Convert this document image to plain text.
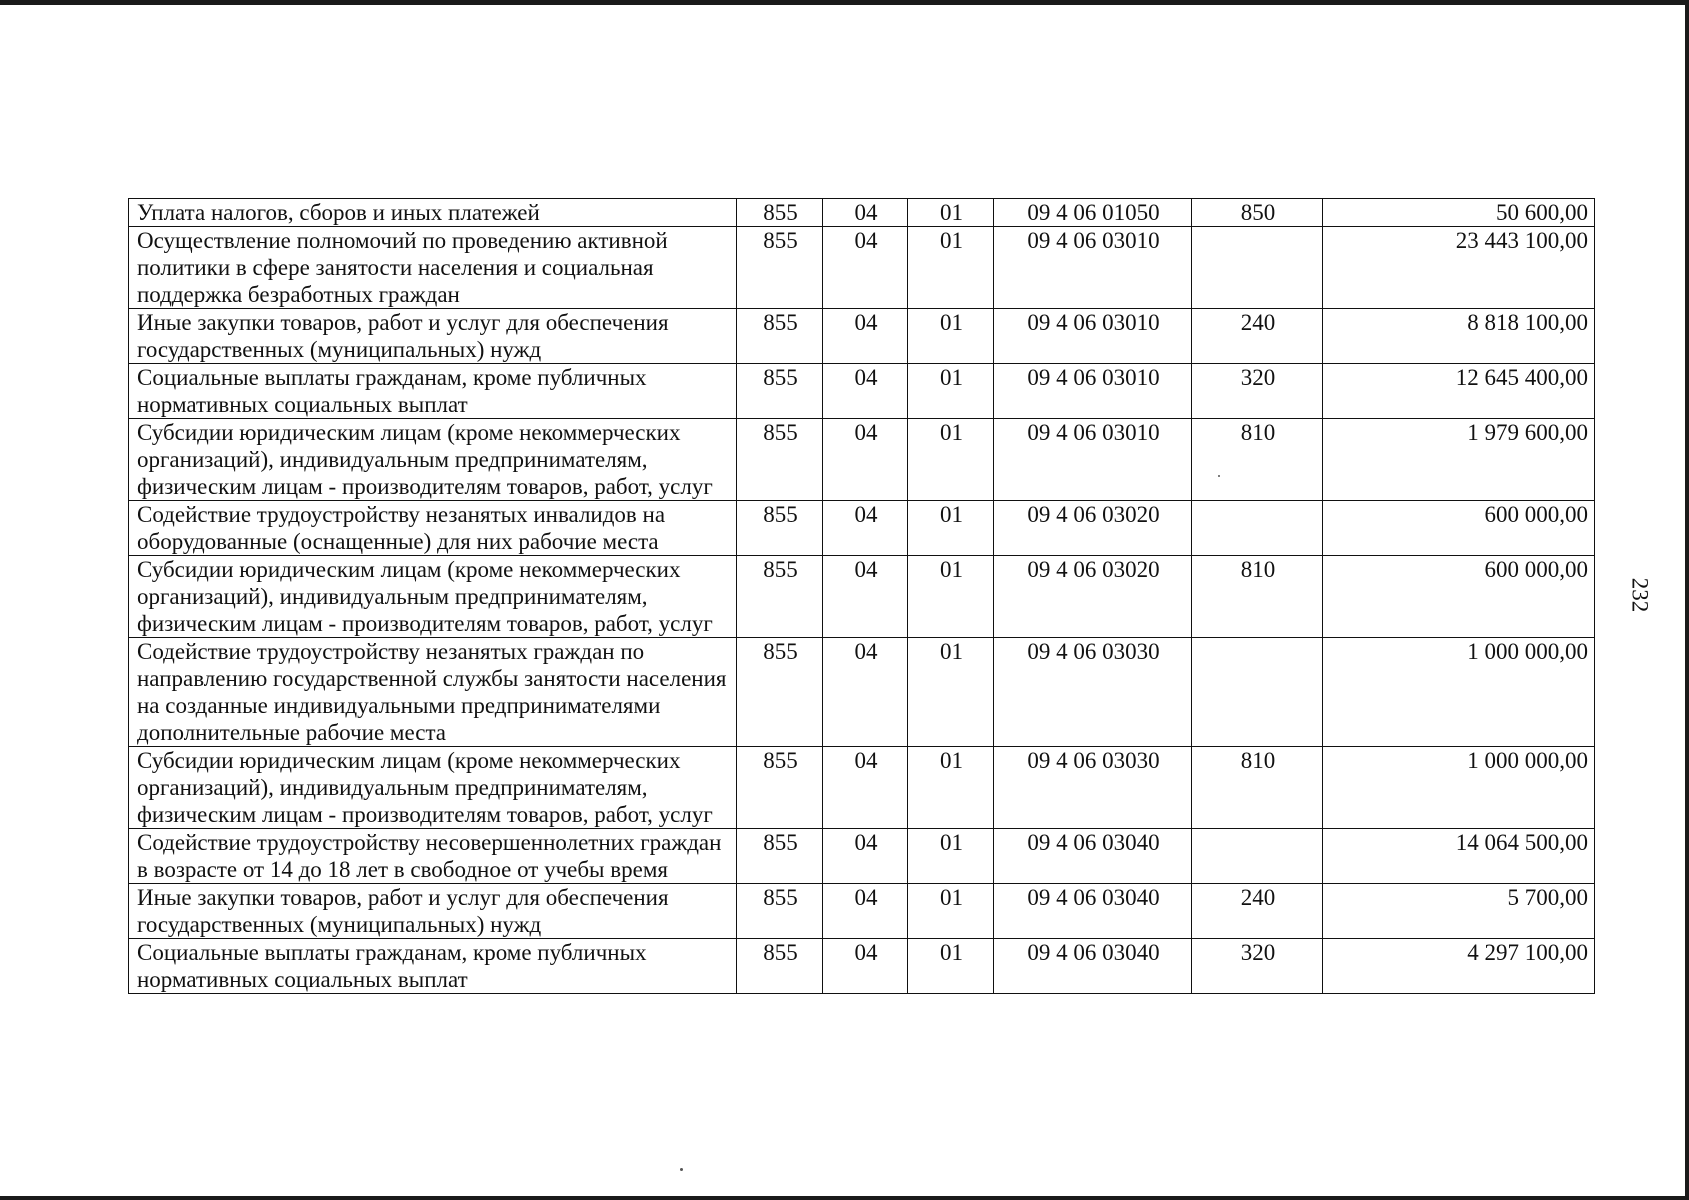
232
Уплата налогов, сборов и иных платежей	855	04	01	09 4 06 01050	850	50 600,00
Осуществление полномочий по проведению активной политики в сфере занятости населения и социальная поддержка безработных граждан	855	04	01	09 4 06 03010		23 443 100,00
Иные закупки товаров, работ и услуг для обеспечения государственных (муниципальных) нужд	855	04	01	09 4 06 03010	240	8 818 100,00
Социальные выплаты гражданам, кроме публичных нормативных социальных выплат	855	04	01	09 4 06 03010	320	12 645 400,00
Субсидии юридическим лицам (кроме некоммерческих организаций), индивидуальным предпринимателям, физическим лицам - производителям товаров, работ, услуг	855	04	01	09 4 06 03010	810	1 979 600,00
Содействие трудоустройству незанятых инвалидов на оборудованные (оснащенные) для них рабочие места	855	04	01	09 4 06 03020		600 000,00
Субсидии юридическим лицам (кроме некоммерческих организаций), индивидуальным предпринимателям, физическим лицам - производителям товаров, работ, услуг	855	04	01	09 4 06 03020	810	600 000,00
Содействие трудоустройству незанятых граждан по направлению государственной службы занятости населения на созданные индивидуальными предпринимателями дополнительные рабочие места	855	04	01	09 4 06 03030		1 000 000,00
Субсидии юридическим лицам (кроме некоммерческих организаций), индивидуальным предпринимателям, физическим лицам - производителям товаров, работ, услуг	855	04	01	09 4 06 03030	810	1 000 000,00
Содействие трудоустройству несовершеннолетних граждан в возрасте от 14 до 18 лет в свободное от учебы время	855	04	01	09 4 06 03040		14 064 500,00
Иные закупки товаров, работ и услуг для обеспечения государственных (муниципальных) нужд	855	04	01	09 4 06 03040	240	5 700,00
Социальные выплаты гражданам, кроме публичных нормативных социальных выплат	855	04	01	09 4 06 03040	320	4 297 100,00
